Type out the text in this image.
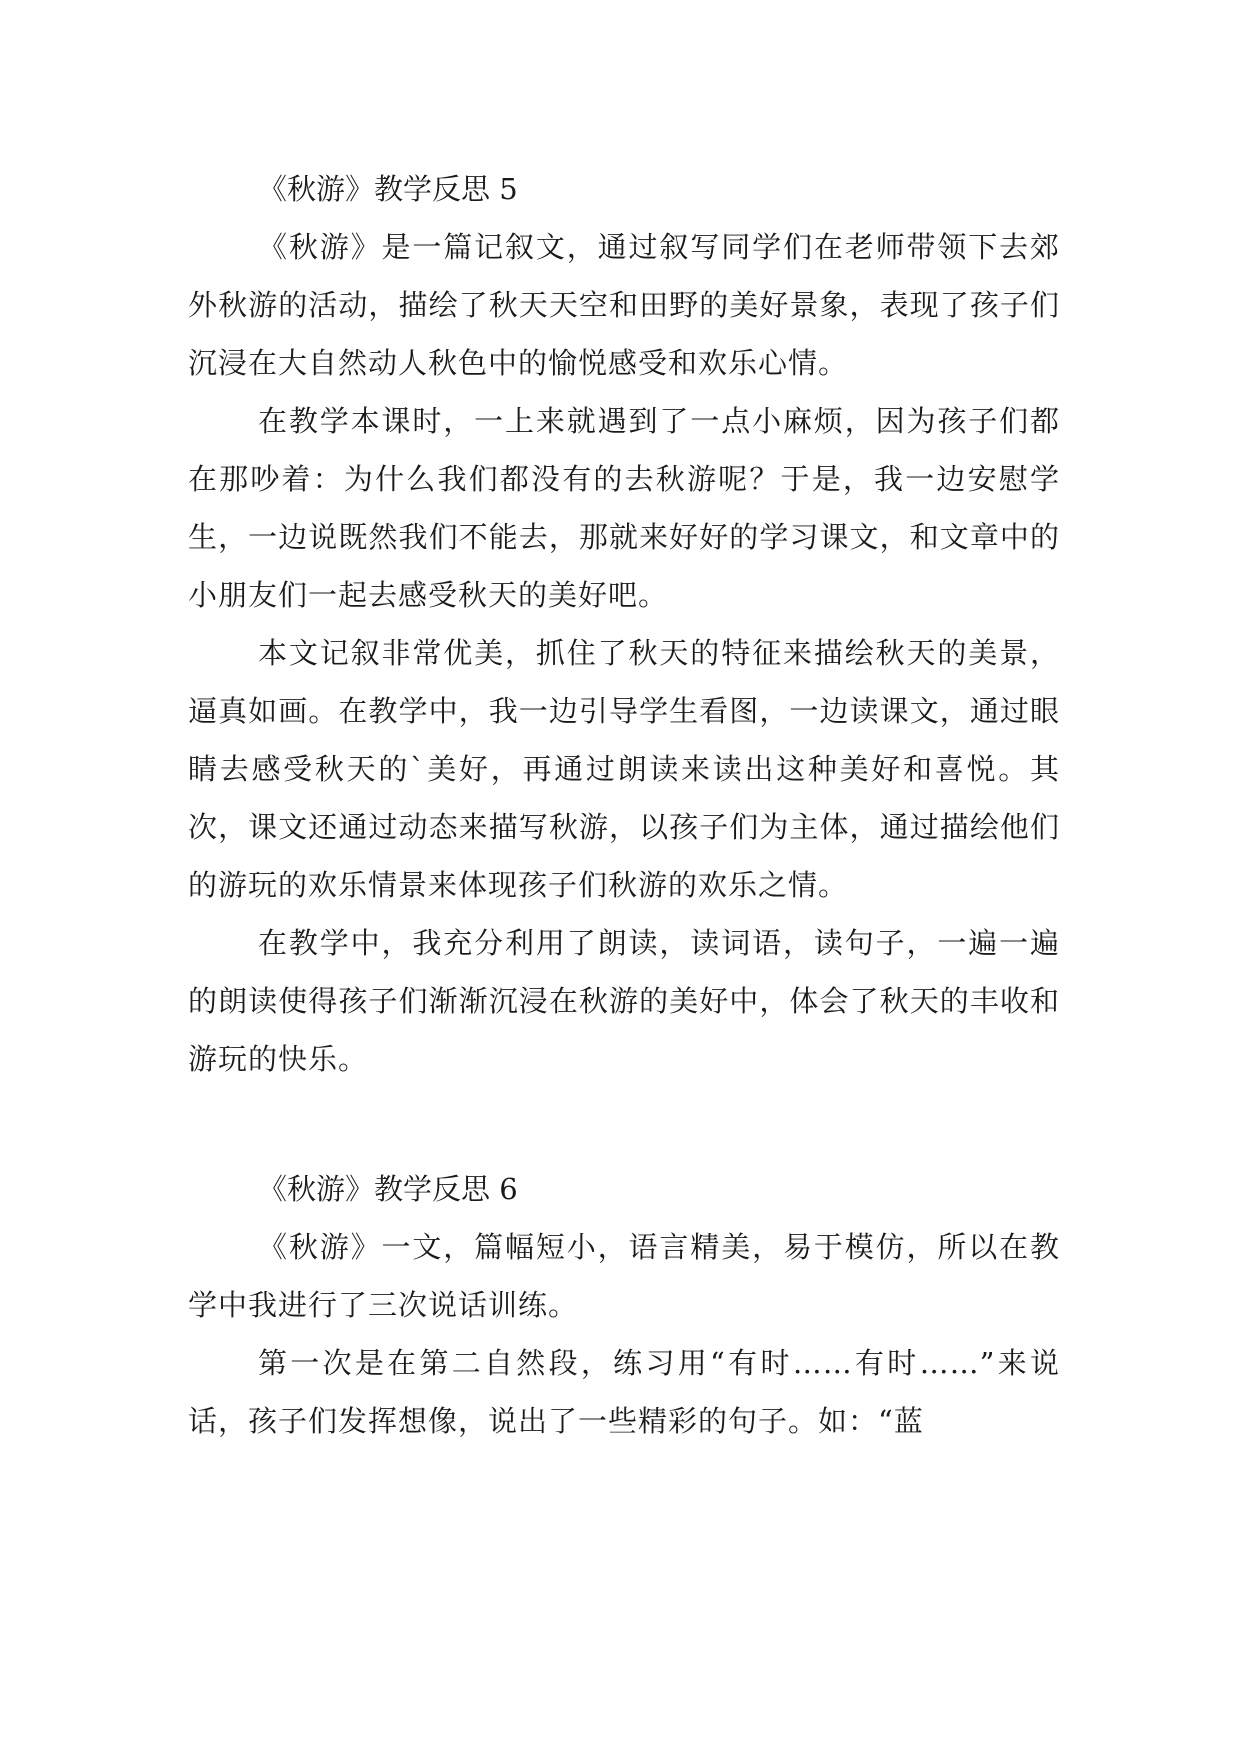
《秋游》教学反思 5

《秋游》是一篇记叙文，通过叙写同学们在老师带领下去郊外秋游的活动，描绘了秋天天空和田野的美好景象，表现了孩子们沉浸在大自然动人秋色中的愉悦感受和欢乐心情。

在教学本课时，一上来就遇到了一点小麻烦，因为孩子们都在那吵着：为什么我们都没有的去秋游呢？于是，我一边安慰学生，一边说既然我们不能去，那就来好好的学习课文，和文章中的小朋友们一起去感受秋天的美好吧。

本文记叙非常优美，抓住了秋天的特征来描绘秋天的美景，逼真如画。在教学中，我一边引导学生看图，一边读课文，通过眼睛去感受秋天的`美好，再通过朗读来读出这种美好和喜悦。其次，课文还通过动态来描写秋游，以孩子们为主体，通过描绘他们的游玩的欢乐情景来体现孩子们秋游的欢乐之情。

在教学中，我充分利用了朗读，读词语，读句子，一遍一遍的朗读使得孩子们渐渐沉浸在秋游的美好中，体会了秋天的丰收和游玩的快乐。

《秋游》教学反思 6

《秋游》一文，篇幅短小，语言精美，易于模仿，所以在教学中我进行了三次说话训练。

第一次是在第二自然段，练习用“有时……有时……”来说话，孩子们发挥想像，说出了一些精彩的句子。如：“蓝
